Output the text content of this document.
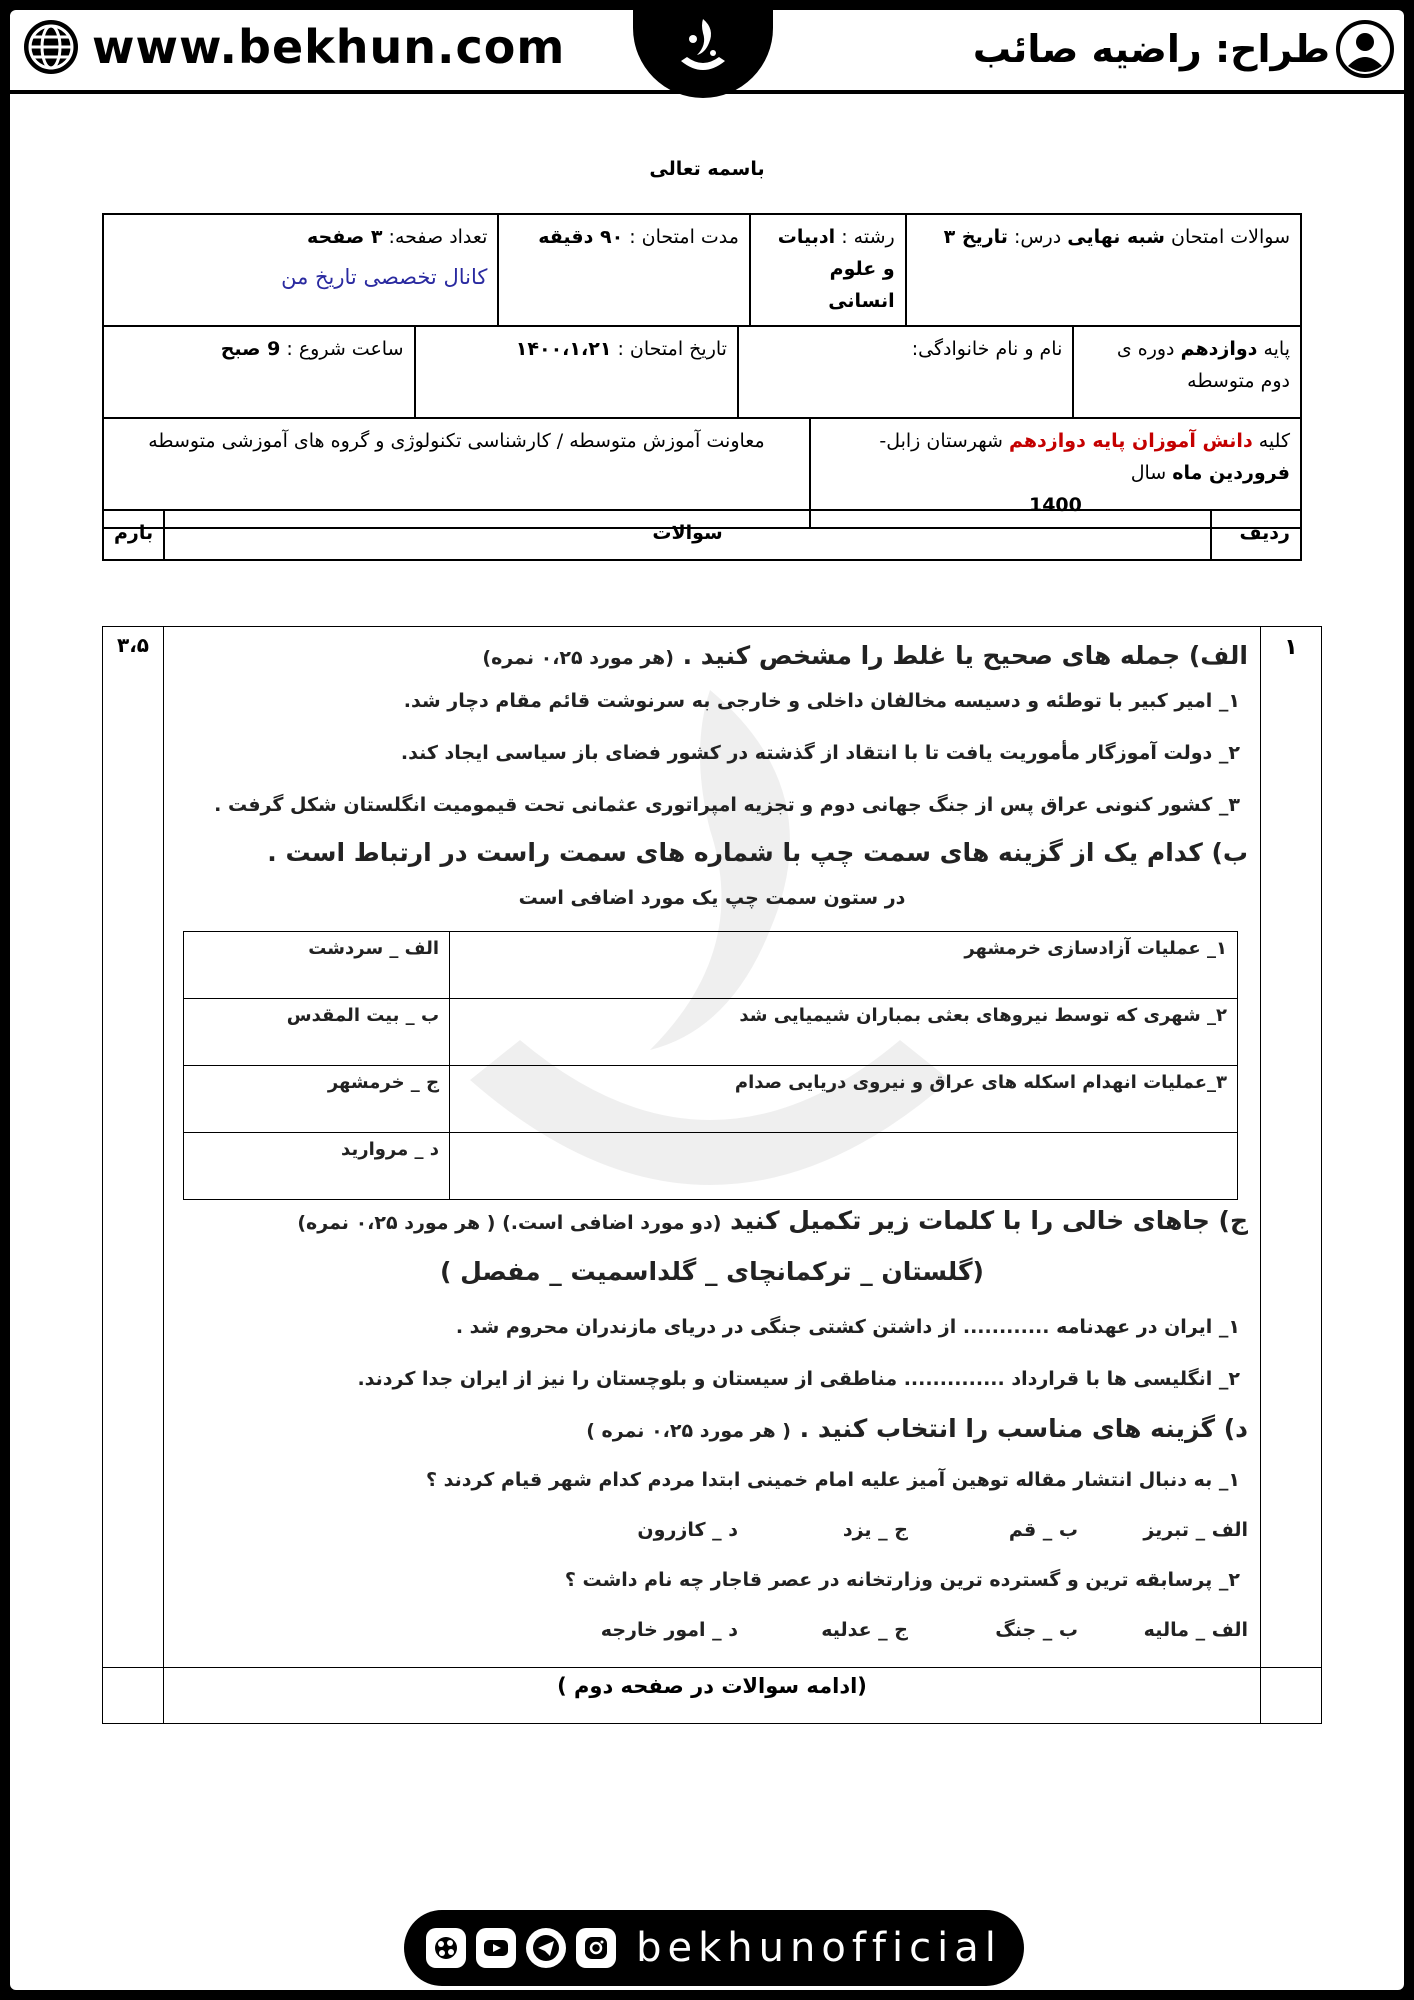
www.bekhun.com	طراح: راضیه صائب
باسمه تعالی
سوالات امتحان شبه نهایی درس: تاریخ ۳	رشته : ادبیات و علوم انسانی	مدت امتحان : ۹۰ دقیقه	
تعداد صفحه: ۳ صفحه
کانال تخصصی تاریخ من
پایه دوازدهم دوره ی دوم متوسطه	نام و نام خانوادگی:	تاریخ امتحان : ۱۴۰۰،۱،۲۱	ساعت شروع : 9 صبح
کلیه دانش آموزان پایه دوازدهم شهرستان زابل- فروردین ماه سال
1400
	معاونت آموزش متوسطه / کارشناسی تکنولوژی و گروه های آموزشی متوسطه
ردیف	سوالات	بارم
۱	

الف) جمله های صحیح یا غلط را مشخص کنید . (هر مورد ۰،۲۵ نمره)

۱_ امیر کبیر با توطئه و دسیسه مخالفان داخلی و خارجی به سرنوشت قائم مقام دچار شد.

۲_ دولت آموزگار مأموریت یافت تا با انتقاد از گذشته در کشور فضای باز سیاسی ایجاد کند.

۳_ کشور کنونی عراق پس از جنگ جهانی دوم و تجزیه امپراتوری عثمانی تحت قیمومیت انگلستان شکل گرفت .

ب) کدام یک از گزینه های سمت چپ با شماره های سمت راست در ارتباط است .

در ستون سمت چپ یک مورد اضافی است

۱_ عملیات آزادسازی خرمشهر	الف _ سردشت
۲_ شهری که توسط نیروهای بعثی بمباران شیمیایی شد	ب _ بیت المقدس
۳_عملیات انهدام اسکله های عراق و نیروی دریایی صدام	ج _ خرمشهر
	د _ مروارید

ج) جاهای خالی را با کلمات زیر تکمیل کنید (دو مورد اضافی است.) ( هر مورد ۰،۲۵ نمره)

(گلستان _ ترکمانچای _ گلداسمیت _ مفصل )

۱_ ایران در عهدنامه ............ از داشتن کشتی جنگی در دریای مازندران محروم شد .

۲_ انگلیسی ها با قرارداد .............. مناطقی از سیستان و بلوچستان را نیز از ایران جدا کردند.

د) گزینه های مناسب را انتخاب کنید . ( هر مورد ۰،۲۵ نمره )

۱_ به دنبال انتشار مقاله توهین آمیز علیه امام خمینی ابتدا مردم کدام شهر قیام کردند ؟

الف _ تبریز
ب _ قم
ج _ یزد
د _ کازرون

۲_ پرسابقه ترین و گسترده ترین وزارتخانه در عصر قاجار چه نام داشت ؟

الف _ مالیه
ب _ جنگ
ج _ عدلیه
د _ امور خارجه
	۳،۵
	(ادامه سوالات در صفحه دوم )	
bekhunofficial
